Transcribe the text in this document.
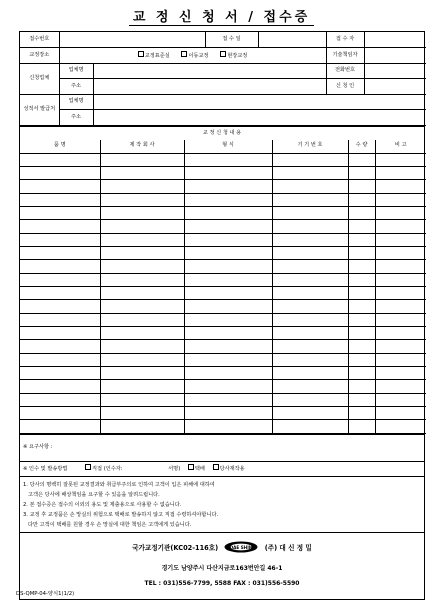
교 정 신 청 서 / 접수증
접수번호			접 수 일		접 수 자	
교정장소	교정표준실 이동교정 현장교정				기술책임자	
신청업체	업체명				전화번호	
	주소				신 청 인	
성적서 발급처	업체명					
	주소					
교 정 신 청 내 용
품 명	제 작 회 사	형 식	기 기 번 호	수 량	비 고

※ 요구사항 :
※ 인수 및 발송방법	직접 (인수자:	서명)	택배	당사재작용
1. 당사의 명백히 잘못된 교정결과와 취급부주의로 인하여 고객이 입은 피해에 대하여
고객은 당사에 배상책임을 요구할 수 있음을 알려드립니다.
2. 본 접수증은 접수의 이외의 용도 및 제출용으로 사용할 수 없습니다.
3. 교정 후 교정품은 손 망실의 위험으로 택배로 발송하지 않고 직접 수령하셔야합니다.
다만 고객이 택배를 원할 경우 손 망실에 대한 책임은 고객에게 있습니다.
국가교정기관(KC02-116호)	DAE SHIN (주) 대 신 정 밀
경기도 남양주시 다산지금로163번안길 46-1
TEL : 031)556-7799, 5588 FAX : 031)556-5590
DS-QMP-04-양식1(1/2)
